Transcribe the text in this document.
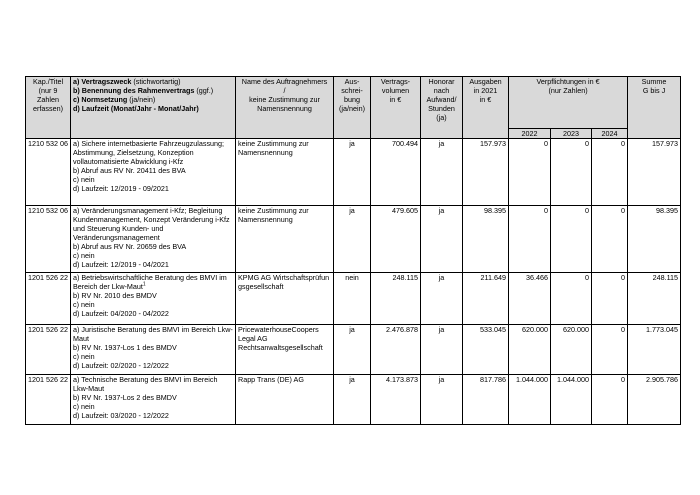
Kap./Titel
(nur 9 Zahlen
erfassen)	a) Vertragszweck (stichwortartig)
b) Benennung des Rahmenvertrags (ggf.)
c) Normsetzung (ja/nein)
d) Laufzeit (Monat/Jahr - Monat/Jahr)	Name des Auftragnehmers
/
keine Zustimmung zur
Namensnennung	Aus-
schrei-
bung
(ja/nein)	Vertrags-
volumen
in €	Honorar
nach
Aufwand/
Stunden
(ja)	Ausgaben
in 2021
in €	Verpflichtungen in €
(nur Zahlen)			Summe
G bis J
							2022	2023	2024	
1210 532 06	a) Sichere internetbasierte Fahrzeugzulassung; Abstimmung, Zielsetzung, Konzeption vollautomatisierte Abwicklung i-Kfz
b) Abruf aus RV Nr. 20411 des BVA
c) nein
d) Laufzeit: 12/2019 - 09/2021	keine Zustimmung zur Namensnennung	ja	700.494	ja	157.973	0	0	0	157.973
1210 532 06	a) Veränderungsmanagement i-Kfz; Begleitung Kundenmanagement, Konzept Veränderung i-Kfz und Steuerung Kunden- und Veränderungsmanagement
b) Abruf aus RV Nr. 20659 des BVA
c) nein
d) Laufzeit: 12/2019 - 04/2021	keine Zustimmung zur Namensnennung	ja	479.605	ja	98.395	0	0	0	98.395
1201 526 22	a) Betriebswirtschaftliche Beratung des BMVI im Bereich der Lkw-Maut$^1$
b) RV Nr. 2010 des BMDV
c) nein
d) Laufzeit: 04/2020 - 04/2022	KPMG AG Wirtschaftsprüfungsgesellschaft	nein	248.115	ja	211.649	36.466	0	0	248.115
1201 526 22	a) Juristische Beratung des BMVI im Bereich Lkw-Maut
b) RV Nr. 1937-Los 1 des BMDV
c) nein
d) Laufzeit: 02/2020 - 12/2022	PricewaterhouseCoopers Legal AG Rechtsanwaltsgesellschaft	ja	2.476.878	ja	533.045	620.000	620.000	0	1.773.045
1201 526 22	a) Technische Beratung des BMVI im Bereich Lkw-Maut
b) RV Nr. 1937-Los 2 des BMDV
c) nein
d) Laufzeit: 03/2020 - 12/2022	Rapp Trans (DE) AG	ja	4.173.873	ja	817.786	1.044.000	1.044.000	0	2.905.786
